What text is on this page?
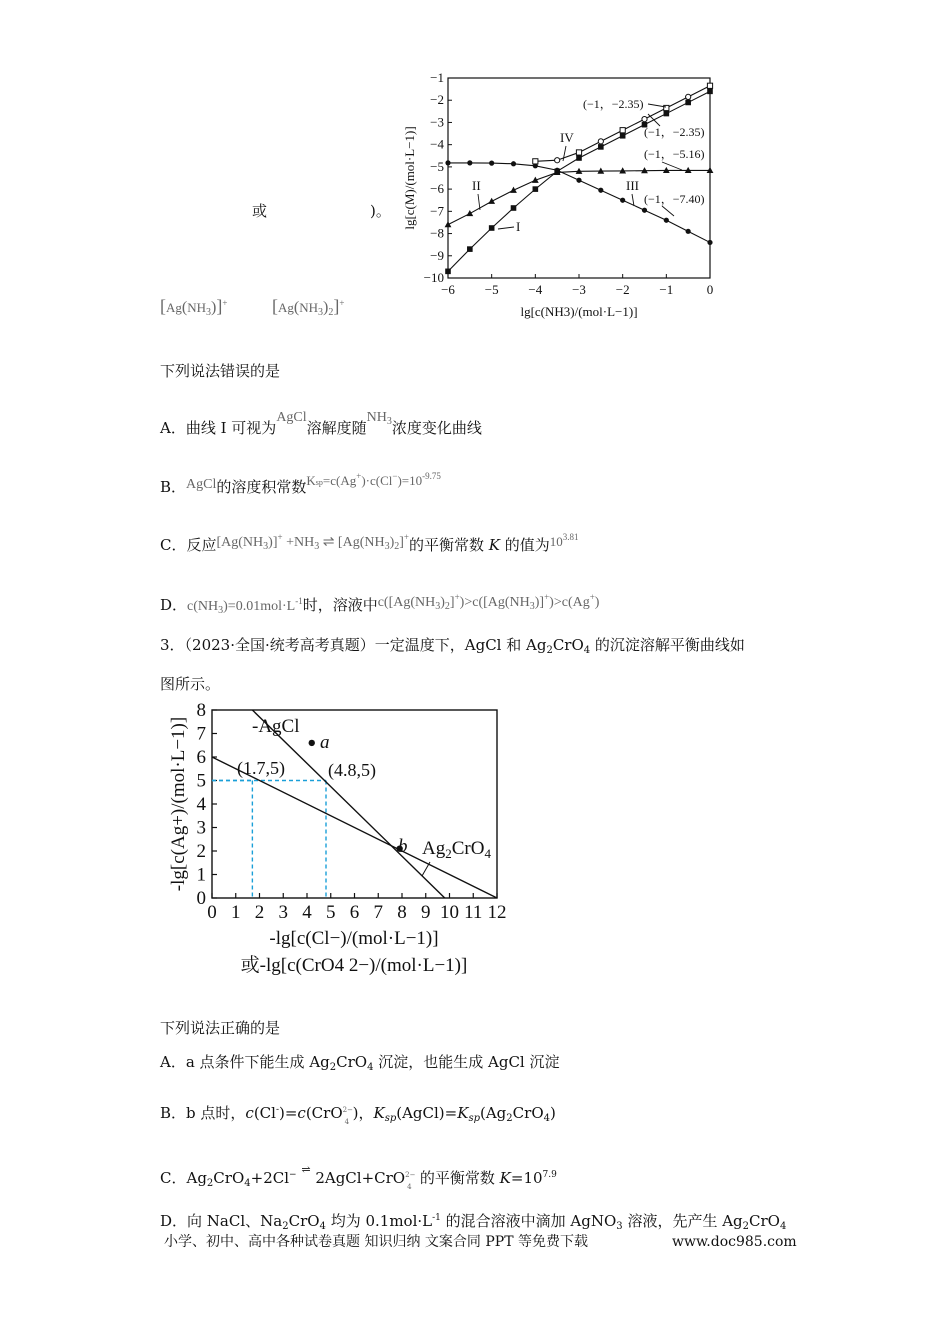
或	)。
$[Ag(NH_3)]^+$ $[Ag(NH_3)_2]^+$
−6 −5 −4 −3 −2 −1	0
−1
−2
−3
−4
−5
−6
−7
−8
−9
−10
lg[c(M)/(mol·L−1)]
lg[c(NH3)/(mol·L−1)]
(−1，−2.35)
(−1，−2.35)
(−1，−5.16)
(−1，−7.40)
IV
II	III
I
下列说法错误的是
A．曲线 I 可视为AgCl溶解度随$NH_3$浓度变化曲线
B．AgCl的溶度积常数$Ksp=c(Ag^+)\cdot c(Cl^-)=10^{-9.75}$
C．反应$[Ag(NH_3)]^+ +NH_3$ ⇌ $[Ag(NH_3)_2]^+$的平衡常数 K 的值为$10^{3.81}$
D．$c(NH_3)=0.01mol\cdot L^{-1}$时，溶液中$c([Ag(NH_3)_2]^+)>c([Ag(NH_3)]^+)>c(Ag^+)$
3．（2023·全国·统考高考真题）一定温度下，AgCl 和 $Ag_2CrO_4$ 的沉淀溶解平衡曲线如
图所示。
0 1 2 3 4 5 6 7 8 9 10 11 12
0
1
2
3
4
5
6
7
8
-lg[c(Ag+)/(mol·L−1)]
-lg[c(Cl−)/(mol·L−1)]
或-lg[c(CrO4 2−)/(mol·L−1)]
-AgCl
$Ag_2CrO_4$
(1.7,5) (4.8,5)
a
b
下列说法正确的是
A．a 点条件下能生成 $Ag_2CrO_4$ 沉淀，也能生成 AgCl 沉淀
B．b 点时，c(Cl-)=c(CrO 2−
4 )，$K_{sp}(AgCl)=K_{sp}(Ag_2CrO_4)$
C．$Ag_2CrO_4+2Cl^-$ ⇌ 2AgCl+CrO 2−
4 的平衡常数 $K=10^{7.9}$
D．向 NaCl、$Na_2CrO_4$ 均为 $0.1mol\cdot L^{-1}$ 的混合溶液中滴加 AgNO$_3$ 溶液，先产生 $Ag_2CrO_4$
小学、初中、高中各种试卷真题 知识归纳 文案合同 PPT 等免费下载	www.doc985.com
